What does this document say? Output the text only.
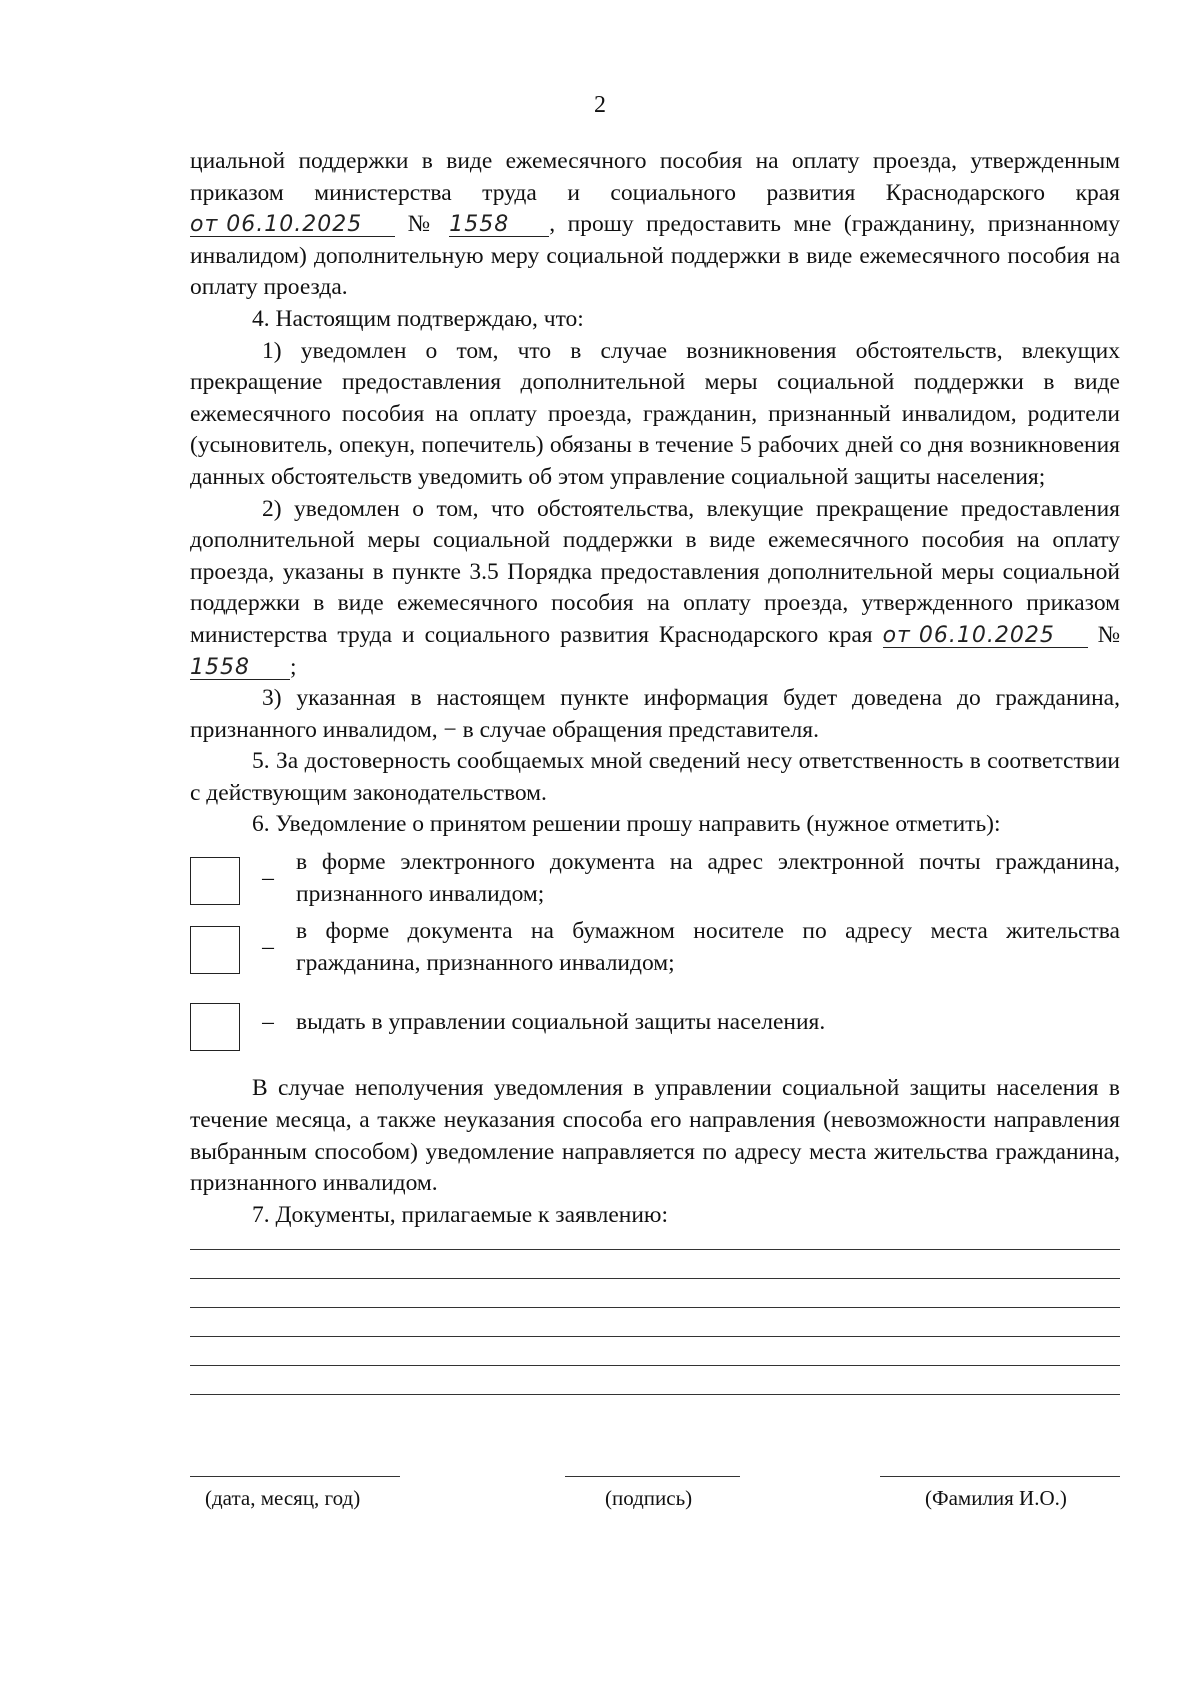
2

циальной поддержки в виде ежемесячного пособия на оплату проезда, утвержденным приказом министерства труда и социального развития Краснодарского края от 06.10.2025 № 1558 , прошу предоставить мне (гражданину, признанному инвалидом) дополнительную меру социальной поддержки в виде ежемесячного пособия на оплату проезда.

4. Настоящим подтверждаю, что:

1) уведомлен о том, что в случае возникновения обстоятельств, влекущих прекращение предоставления дополнительной меры социальной поддержки в виде ежемесячного пособия на оплату проезда, гражданин, признанный инвалидом, родители (усыновитель, опекун, попечитель) обязаны в течение 5 рабочих дней со дня возникновения данных обстоятельств уведомить об этом управление социальной защиты населения;

2) уведомлен о том, что обстоятельства, влекущие прекращение предоставления дополнительной меры социальной поддержки в виде ежемесячного пособия на оплату проезда, указаны в пункте 3.5 Порядка предоставления дополнительной меры социальной поддержки в виде ежемесячного пособия на оплату проезда, утвержденного приказом министерства труда и социального развития Краснодарского края от 06.10.2025 № 1558 ;

3) указанная в настоящем пункте информация будет доведена до гражданина, признанного инвалидом, − в случае обращения представителя.

5. За достоверность сообщаемых мной сведений несу ответственность в соответствии с действующим законодательством.

6. Уведомление о принятом решении прошу направить (нужное отметить):

_ в форме электронного документа на адрес электронной почты гражданина, признанного инвалидом;
_ в форме документа на бумажном носителе по адресу места жительства гражданина, признанного инвалидом;
– выдать в управлении социальной защиты населения.

В случае неполучения уведомления в управлении социальной защиты населения в течение месяца, а также неуказания способа его направления (невозможности направления выбранным способом) уведомление направляется по адресу места жительства гражданина, признанного инвалидом.

7. Документы, прилагаемые к заявлению:

(дата, месяц, год)	(подпись)	(Фамилия И.О.)
